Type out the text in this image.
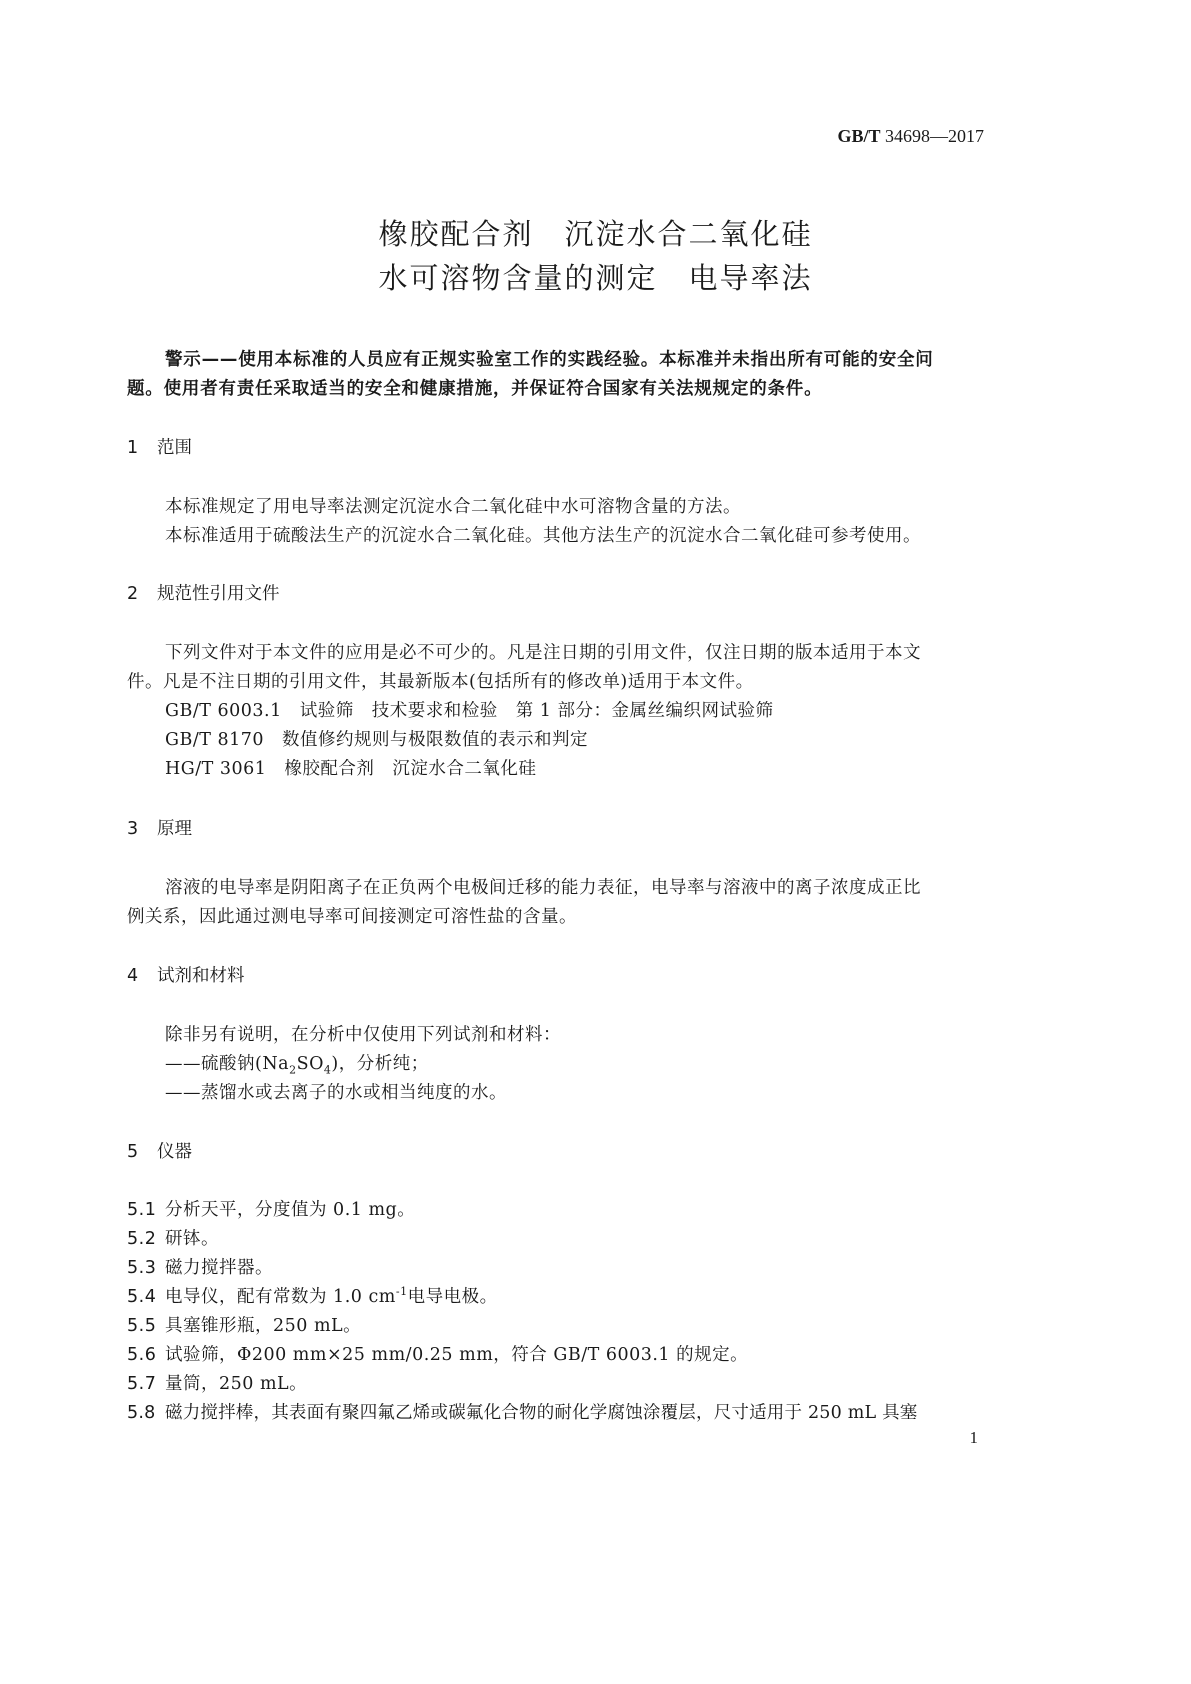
GB/T 34698—2017
橡胶配合剂　沉淀水合二氧化硅
水可溶物含量的测定　电导率法
警示——使用本标准的人员应有正规实验室工作的实践经验。本标准并未指出所有可能的安全问
题。使用者有责任采取适当的安全和健康措施，并保证符合国家有关法规规定的条件。
1 范围
本标准规定了用电导率法测定沉淀水合二氧化硅中水可溶物含量的方法。
本标准适用于硫酸法生产的沉淀水合二氧化硅。其他方法生产的沉淀水合二氧化硅可参考使用。
2 规范性引用文件
下列文件对于本文件的应用是必不可少的。凡是注日期的引用文件，仅注日期的版本适用于本文
件。凡是不注日期的引用文件，其最新版本(包括所有的修改单)适用于本文件。
GB/T 6003.1　试验筛　技术要求和检验　第 1 部分：金属丝编织网试验筛
GB/T 8170　数值修约规则与极限数值的表示和判定
HG/T 3061　橡胶配合剂　沉淀水合二氧化硅
3 原理
溶液的电导率是阴阳离子在正负两个电极间迁移的能力表征，电导率与溶液中的离子浓度成正比
例关系，因此通过测电导率可间接测定可溶性盐的含量。
4 试剂和材料
除非另有说明，在分析中仅使用下列试剂和材料：
——硫酸钠$(Na_2SO_4)$，分析纯；
——蒸馏水或去离子的水或相当纯度的水。
5 仪器
5.1 分析天平，分度值为 0.1 mg。
5.2 研钵。
5.3 磁力搅拌器。
5.4 电导仪，配有常数为 1.0 $cm^{-1}$电导电极。
5.5 具塞锥形瓶，250 mL。
5.6 试验筛，Φ200 mm×25 mm/0.25 mm，符合 GB/T 6003.1 的规定。
5.7 量筒，250 mL。
5.8 磁力搅拌棒，其表面有聚四氟乙烯或碳氟化合物的耐化学腐蚀涂覆层，尺寸适用于 250 mL 具塞
1
